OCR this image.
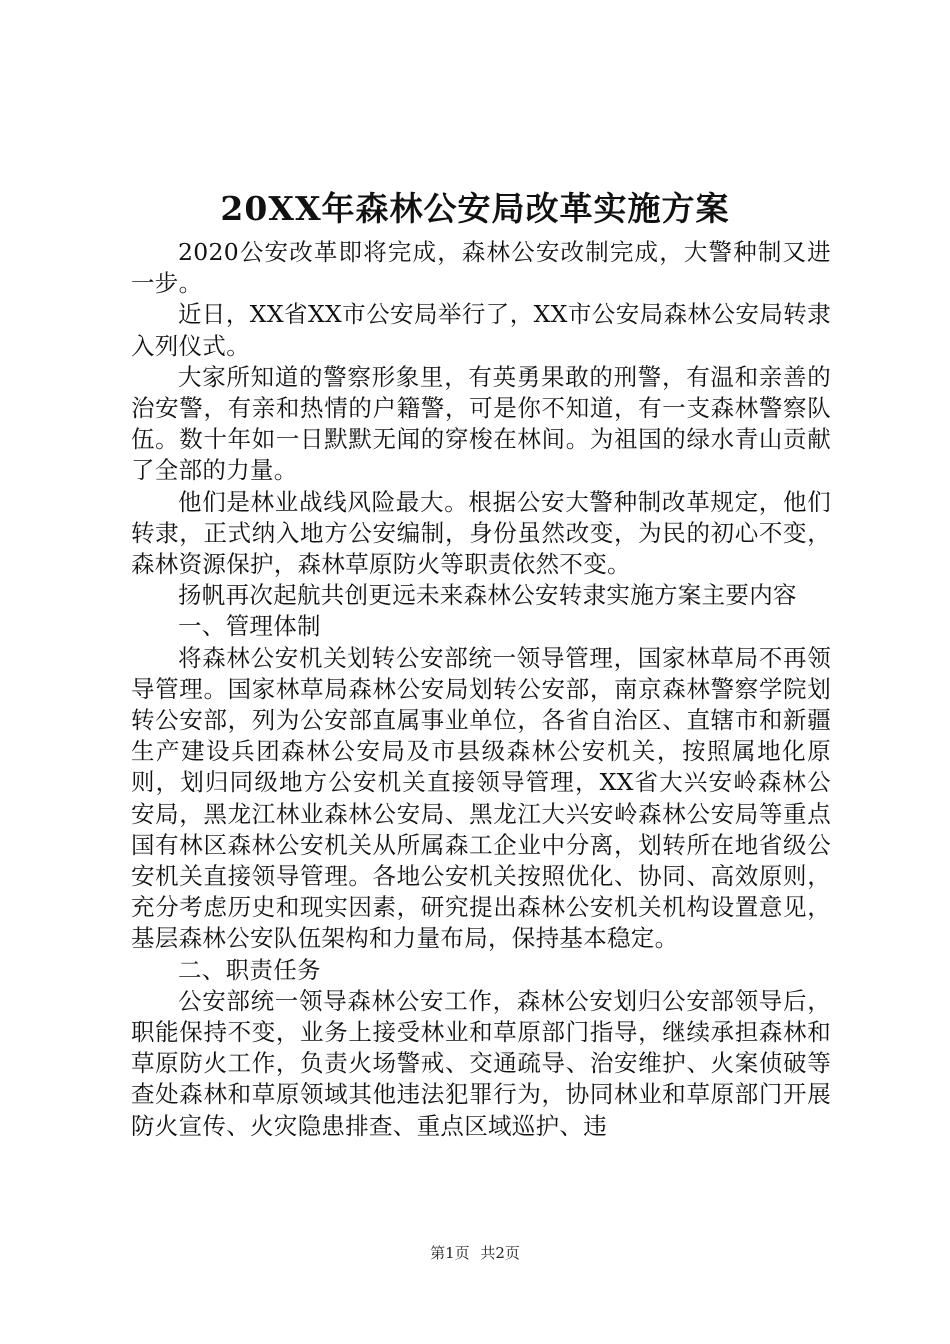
20XX年森林公安局改革实施方案

2020公安改革即将完成，森林公安改制完成，大警种制又进一步。

近日，XX省XX市公安局举行了，XX市公安局森林公安局转隶入列仪式。

大家所知道的警察形象里，有英勇果敢的刑警，有温和亲善的治安警，有亲和热情的户籍警，可是你不知道，有一支森林警察队伍。数十年如一日默默无闻的穿梭在林间。为祖国的绿水青山贡献了全部的力量。

他们是林业战线风险最大。根据公安大警种制改革规定，他们转隶，正式纳入地方公安编制，身份虽然改变，为民的初心不变，森林资源保护，森林草原防火等职责依然不变。

扬帆再次起航共创更远未来森林公安转隶实施方案主要内容

一、管理体制

将森林公安机关划转公安部统一领导管理，国家林草局不再领导管理。国家林草局森林公安局划转公安部，南京森林警察学院划转公安部，列为公安部直属事业单位，各省自治区、直辖市和新疆生产建设兵团森林公安局及市县级森林公安机关，按照属地化原则，划归同级地方公安机关直接领导管理，XX省大兴安岭森林公安局，黑龙江林业森林公安局、黑龙江大兴安岭森林公安局等重点国有林区森林公安机关从所属森工企业中分离，划转所在地省级公安机关直接领导管理。各地公安机关按照优化、协同、高效原则，充分考虑历史和现实因素，研究提出森林公安机关机构设置意见，基层森林公安队伍架构和力量布局，保持基本稳定。

二、职责任务

公安部统一领导森林公安工作，森林公安划归公安部领导后，职能保持不变，业务上接受林业和草原部门指导，继续承担森林和草原防火工作，负责火场警戒、交通疏导、治安维护、火案侦破等查处森林和草原领域其他违法犯罪行为，协同林业和草原部门开展防火宣传、火灾隐患排查、重点区域巡护、违

第1页 共2页
